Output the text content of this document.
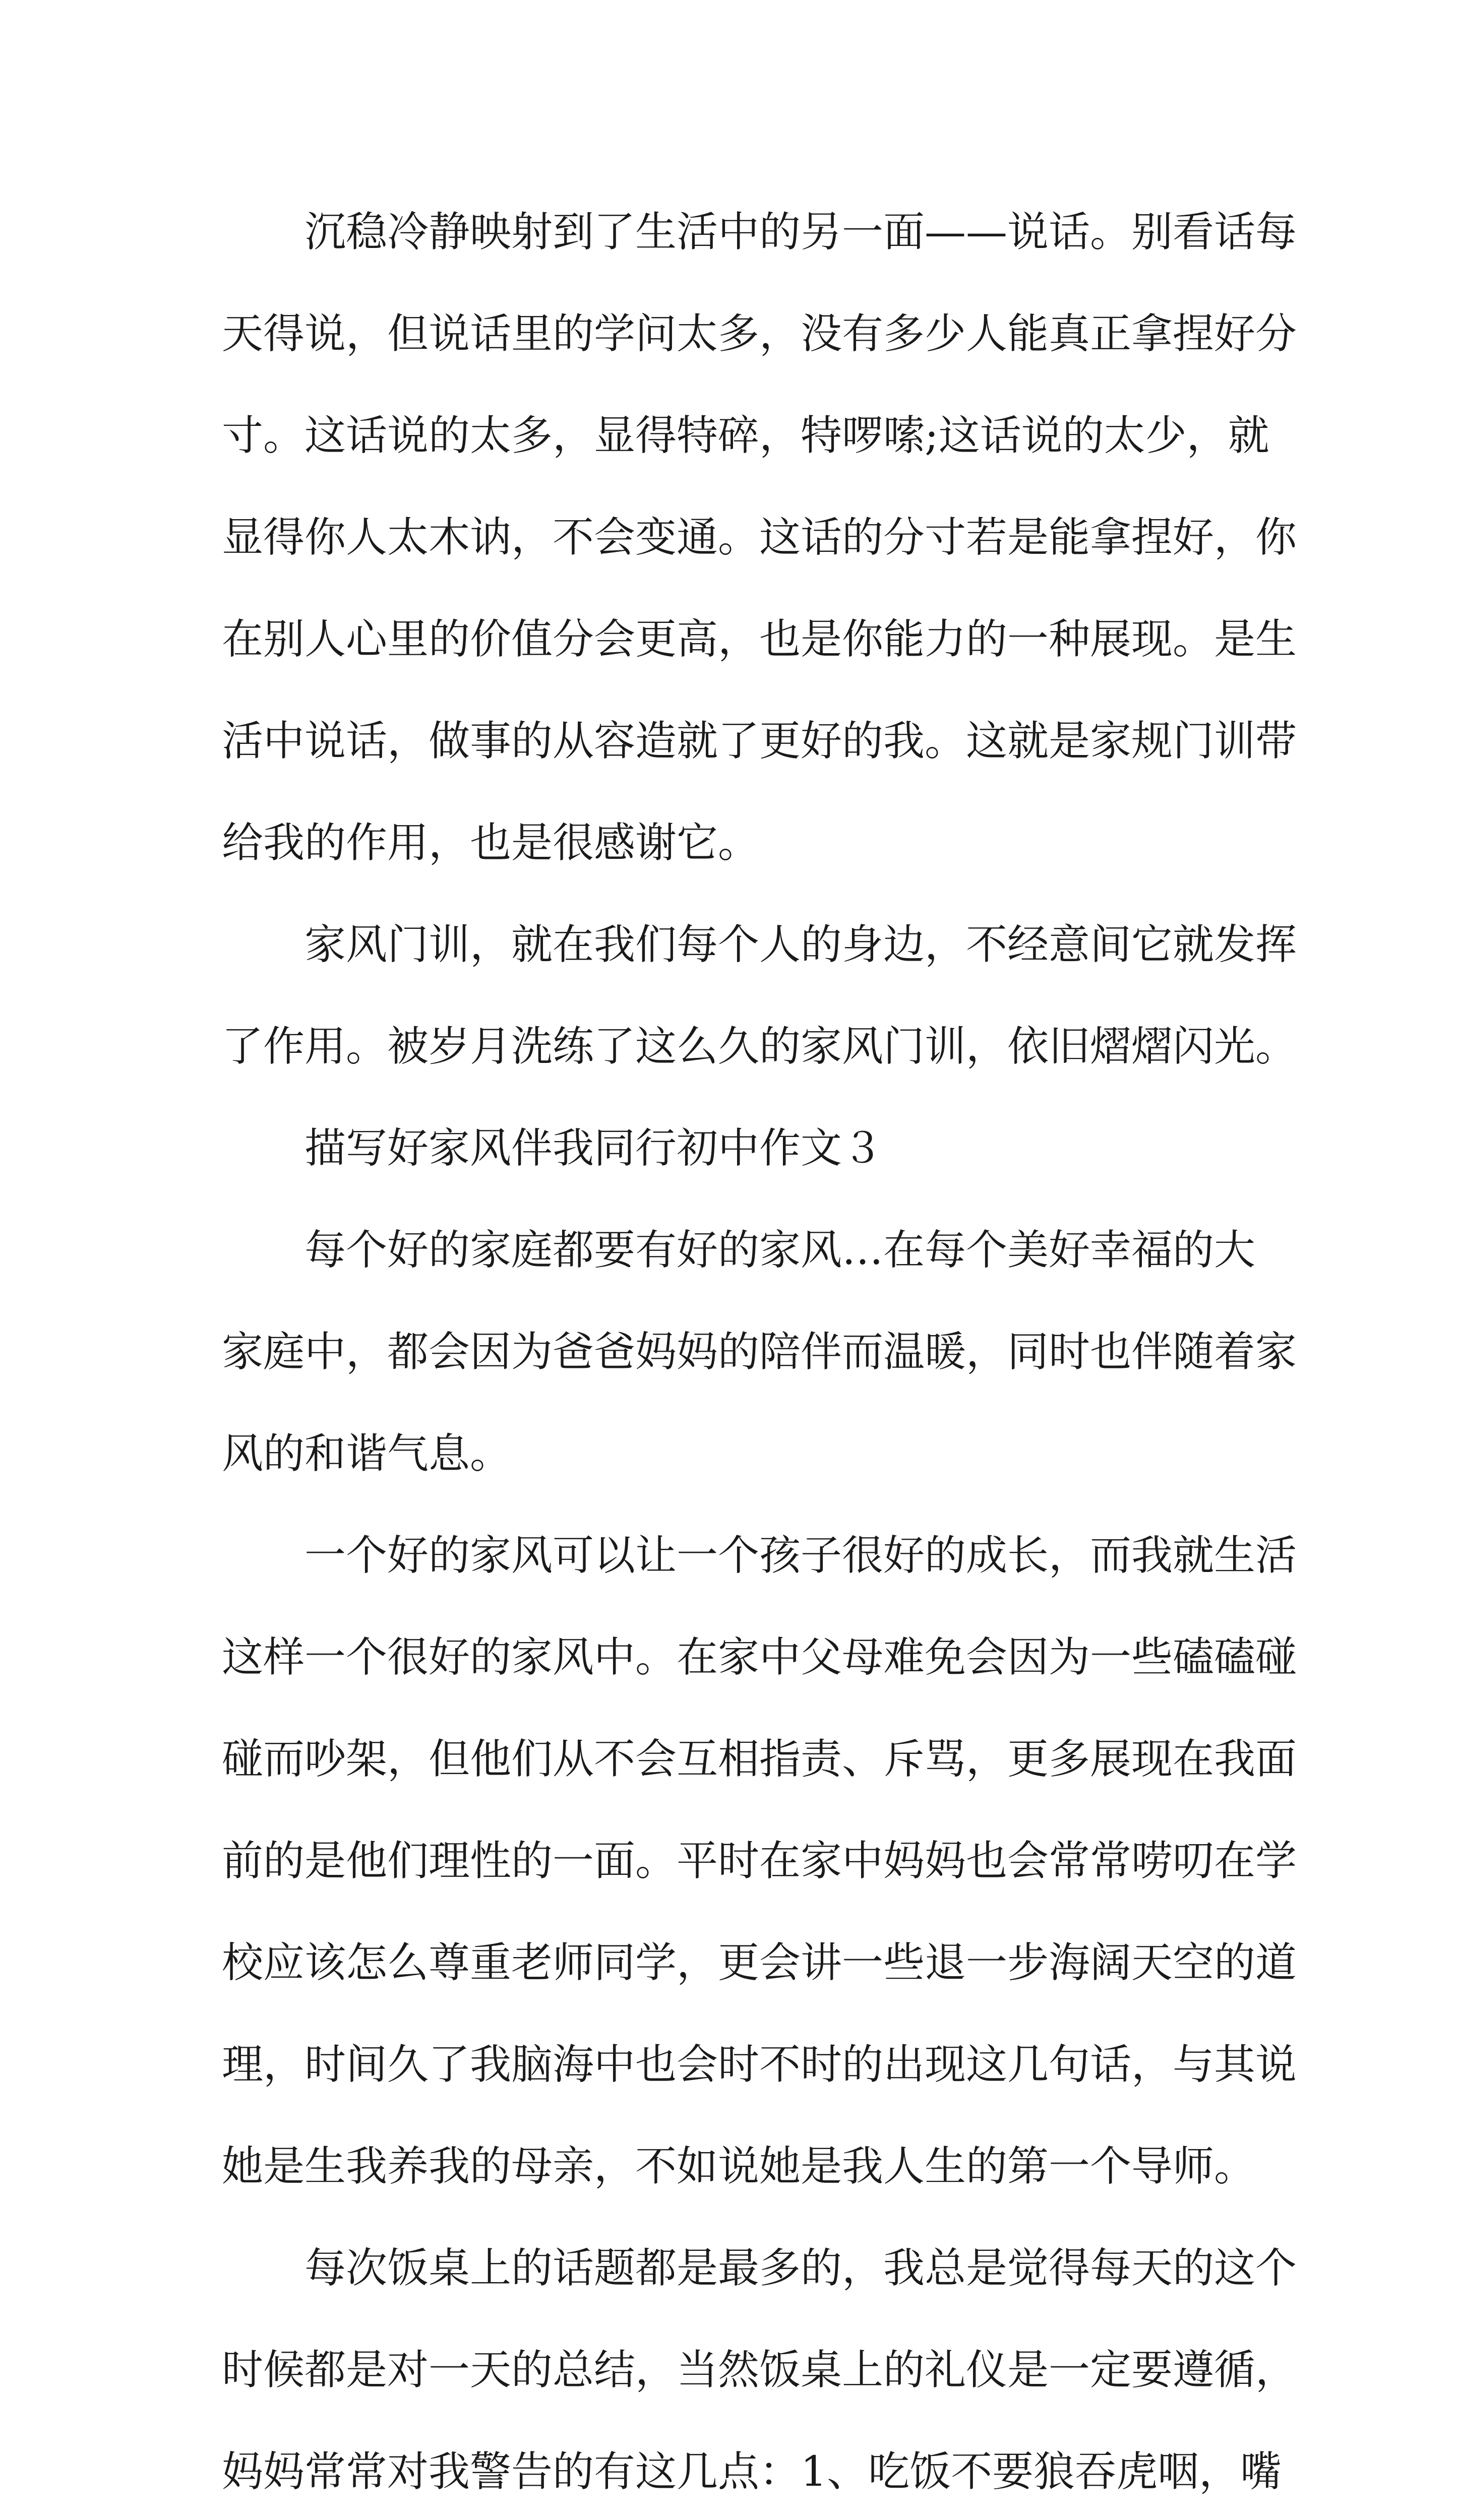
沉稳冷静映射到了生活中的另一面——说话。别看话每
天得说，但说话里的学问太多，没有多少人能真正拿捏好分
寸。这话说的太多，显得特碎，特啰嗦;这话说的太少，就
显得你人太木讷，不会变通。这话的分寸若是能拿捏好，你
在别人心里的价值分会更高，也是你能力的一种展现。是生
活中说话，做事的从容造就了更好的我。这就是家规门训带
给我的作用，也是很感谢它。
家风门训，就在我们每个人的身边，不经意间它就发挥
了作用。被岁月洗练了这么久的家风门训，依旧熠熠闪光。
描写好家风伴我同行初中作文３
每个好的家庭都要有好的家风…在每个美好幸福的大
家庭中，都会因为爸爸妈妈的陪伴而温暖，同时也伴随着家
风的和谐气息。
一个好的家风可以让一个孩子很好的成长，而我就生活
这样一个很好的家风中。在家中父母难免会因为一些磕磕碰
碰而吵架，但他们从不会互相指责、斥骂，更多展现在我面
前的是他们理性的一面。平时在家中妈妈也会常常唠叨在学
校应该怎么尊重老师同学，更会讲一些退一步海阔天空的道
理，时间久了我脑海中也会时不时的出现这几句话，与其说
她是生我养我的母亲，不如说她是我人生的第一个导师。
每次饭桌上的话题都是最多的，我总是觉得每天的这个
时候都是对一天的总结，当然饭桌上的礼仪是一定要遵循，
妈妈常常对我警告的有这几点：1、吃饭不要狼吞虎咽，嘴
